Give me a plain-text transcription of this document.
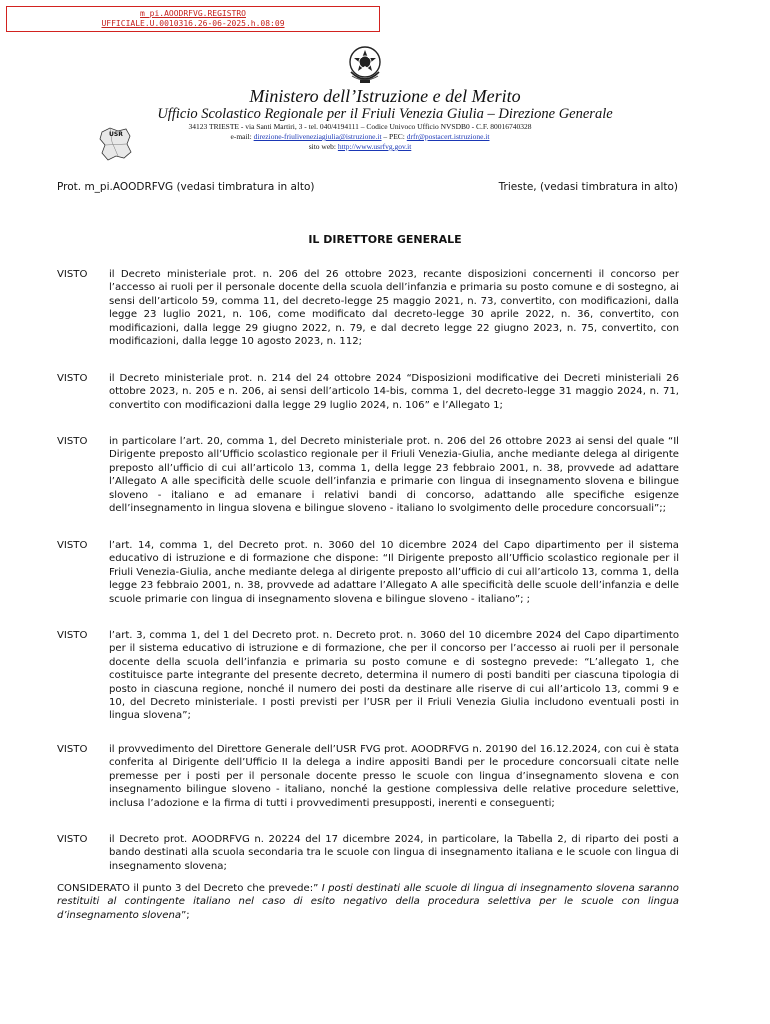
m_pi.AOODRFVG.REGISTRO
UFFICIALE.U.0010316.26-06-2025.h.08:09
Ministero dell’Istruzione e del Merito
Ufficio Scolastico Regionale per il Friuli Venezia Giulia – Direzione Generale
USR
34123 TRIESTE - via Santi Martiri, 3 - tel. 040/4194111 – Codice Univoco Ufficio NVSDB0 - C.F. 80016740328
e-mail: direzione-friuliveneziagiulia@istruzione.it – PEC: drfr@postacert.istruzione.it
sito web: http://www.usrfvg.gov.it
Prot. m_pi.AOODRFVG (vedasi timbratura in alto)	Trieste, (vedasi timbratura in alto)
IL DIRETTORE GENERALE
VISTO il Decreto ministeriale prot. n. 206 del 26 ottobre 2023, recante disposizioni concernenti il concorso per l’accesso ai ruoli per il personale docente della scuola dell’infanzia e primaria su posto comune e di sostegno, ai sensi dell’articolo 59, comma 11, del decreto-legge 25 maggio 2021, n. 73, convertito, con modificazioni, dalla legge 23 luglio 2021, n. 106, come modificato dal decreto-legge 30 aprile 2022, n. 36, convertito, con modificazioni, dalla legge 29 giugno 2022, n. 79, e dal decreto legge 22 giugno 2023, n. 75, convertito, con modificazioni, dalla legge 10 agosto 2023, n. 112;
VISTO il Decreto ministeriale prot. n. 214 del 24 ottobre 2024 “Disposizioni modificative dei Decreti ministeriali 26 ottobre 2023, n. 205 e n. 206, ai sensi dell’articolo 14-bis, comma 1, del decreto-legge 31 maggio 2024, n. 71, convertito con modificazioni dalla legge 29 luglio 2024, n. 106” e l’Allegato 1;
VISTO in particolare l’art. 20, comma 1, del Decreto ministeriale prot. n. 206 del 26 ottobre 2023 ai sensi del quale “Il Dirigente preposto all’Ufficio scolastico regionale per il Friuli Venezia-Giulia, anche mediante delega al dirigente preposto all’ufficio di cui all’articolo 13, comma 1, della legge 23 febbraio 2001, n. 38, provvede ad adattare l’Allegato A alle specificità delle scuole dell’infanzia e primarie con lingua di insegnamento slovena e bilingue sloveno - italiano e ad emanare i relativi bandi di concorso, adattando alle specifiche esigenze dell’insegnamento in lingua slovena e bilingue sloveno - italiano lo svolgimento delle procedure concorsuali”;;
VISTO l’art. 14, comma 1, del Decreto prot. n. 3060 del 10 dicembre 2024 del Capo dipartimento per il sistema educativo di istruzione e di formazione che dispone: “Il Dirigente preposto all’Ufficio scolastico regionale per il Friuli Venezia-Giulia, anche mediante delega al dirigente preposto all’ufficio di cui all’articolo 13, comma 1, della legge 23 febbraio 2001, n. 38, provvede ad adattare l’Allegato A alle specificità delle scuole dell’infanzia e delle scuole primarie con lingua di insegnamento slovena e bilingue sloveno - italiano”; ;
VISTO l’art. 3, comma 1, del 1 del Decreto prot. n. Decreto prot. n. 3060 del 10 dicembre 2024 del Capo dipartimento per il sistema educativo di istruzione e di formazione, che per il concorso per l’accesso ai ruoli per il personale docente della scuola dell’infanzia e primaria su posto comune e di sostegno prevede: “L’allegato 1, che costituisce parte integrante del presente decreto, determina il numero di posti banditi per ciascuna tipologia di posto in ciascuna regione, nonché il numero dei posti da destinare alle riserve di cui all’articolo 13, commi 9 e 10, del Decreto ministeriale. I posti previsti per l’USR per il Friuli Venezia Giulia includono eventuali posti in lingua slovena”;
VISTO il provvedimento del Direttore Generale dell’USR FVG prot. AOODRFVG n. 20190 del 16.12.2024, con cui è stata conferita al Dirigente dell’Ufficio II la delega a indire appositi Bandi per le procedure concorsuali citate nelle premesse per i posti per il personale docente presso le scuole con lingua d’insegnamento slovena e con insegnamento bilingue sloveno - italiano, nonché la gestione complessiva delle relative procedure selettive, inclusa l’adozione e la firma di tutti i provvedimenti presupposti, inerenti e conseguenti;
VISTO il Decreto prot. AOODRFVG n. 20224 del 17 dicembre 2024, in particolare, la Tabella 2, di riparto dei posti a bando destinati alla scuola secondaria tra le scuole con lingua di insegnamento italiana e le scuole con lingua di insegnamento slovena;
CONSIDERATO il punto 3 del Decreto che prevede:” I posti destinati alle scuole di lingua di insegnamento slovena saranno restituiti al contingente italiano nel caso di esito negativo della procedura selettiva per le scuole con lingua d’insegnamento slovena”;
